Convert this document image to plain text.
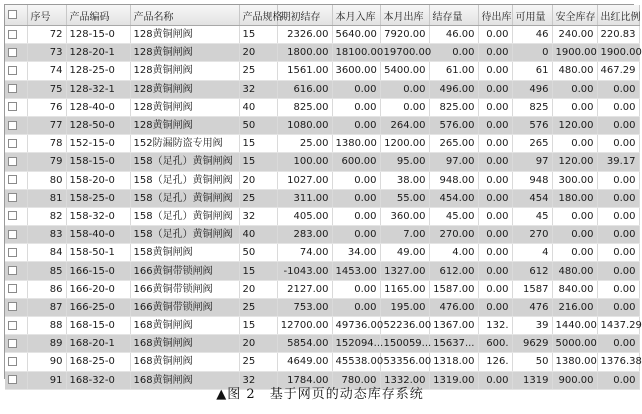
	序号	产品编码	产品名称	产品规格	期初结存	本月入库	本月出库	结存量	待出库	可用量	安全库存	出红比例
	72	128-15-0	128黄铜闸阀	15	2326.00	5640.00	7920.00	46.00	0.00	46	240.00	220.83
	73	128-20-1	128黄铜闸阀	20	1800.00	18100.00	19700.00	0.00	0.00	0	1900.00	1900.00
	74	128-25-0	128黄铜闸阀	25	1561.00	3600.00	5400.00	61.00	0.00	61	480.00	467.29
	75	128-32-1	128黄铜闸阀	32	616.00	0.00	0.00	496.00	0.00	496	0.00	0.00
	76	128-40-0	128黄铜闸阀	40	825.00	0.00	0.00	825.00	0.00	825	0.00	0.00
	77	128-50-0	128黄铜闸阀	50	1080.00	0.00	264.00	576.00	0.00	576	120.00	0.00
	78	152-15-0	152防漏防盗专用阀	15	25.00	1380.00	1200.00	265.00	0.00	265	0.00	0.00
	79	158-15-0	158（足孔）黄铜闸阀	15	100.00	600.00	95.00	97.00	0.00	97	120.00	39.17
	80	158-20-0	158（足孔）黄铜闸阀	20	1027.00	0.00	38.00	948.00	0.00	948	300.00	0.00
	81	158-25-0	158（足孔）黄铜闸阀	25	311.00	0.00	55.00	454.00	0.00	454	180.00	0.00
	82	158-32-0	158（足孔）黄铜闸阀	32	405.00	0.00	360.00	45.00	0.00	45	0.00	0.00
	83	158-40-0	158（足孔）黄铜闸阀	40	283.00	0.00	7.00	270.00	0.00	270	0.00	0.00
	84	158-50-1	158黄铜闸阀	50	74.00	34.00	49.00	4.00	0.00	4	0.00	0.00
	85	166-15-0	166黄铜带锁闸阀	15	-1043.00	1453.00	1327.00	612.00	0.00	612	480.00	0.00
	86	166-20-0	166黄铜带锁闸阀	20	2127.00	0.00	1165.00	1587.00	0.00	1587	840.00	0.00
	87	166-25-0	166黄铜带锁闸阀	25	753.00	0.00	195.00	476.00	0.00	476	216.00	0.00
	88	168-15-0	168黄铜闸阀	15	12700.00	49736.00	52236.00	1367.00	132.	39	1440.00	1437.29
	89	168-20-1	168黄铜闸阀	20	5854.00	152094...	150059...	15637...	600.	9629	5000.00	0.00
	90	168-25-0	168黄铜闸阀	25	4649.00	45538.00	53356.00	1318.00	126.	50	1380.00	1376.38
	91	168-32-0	168黄铜闸阀	32	1784.00	780.00	1332.00	1319.00	0.00	1319	900.00	0.00
▲图 2　基于网页的动态库存系统
